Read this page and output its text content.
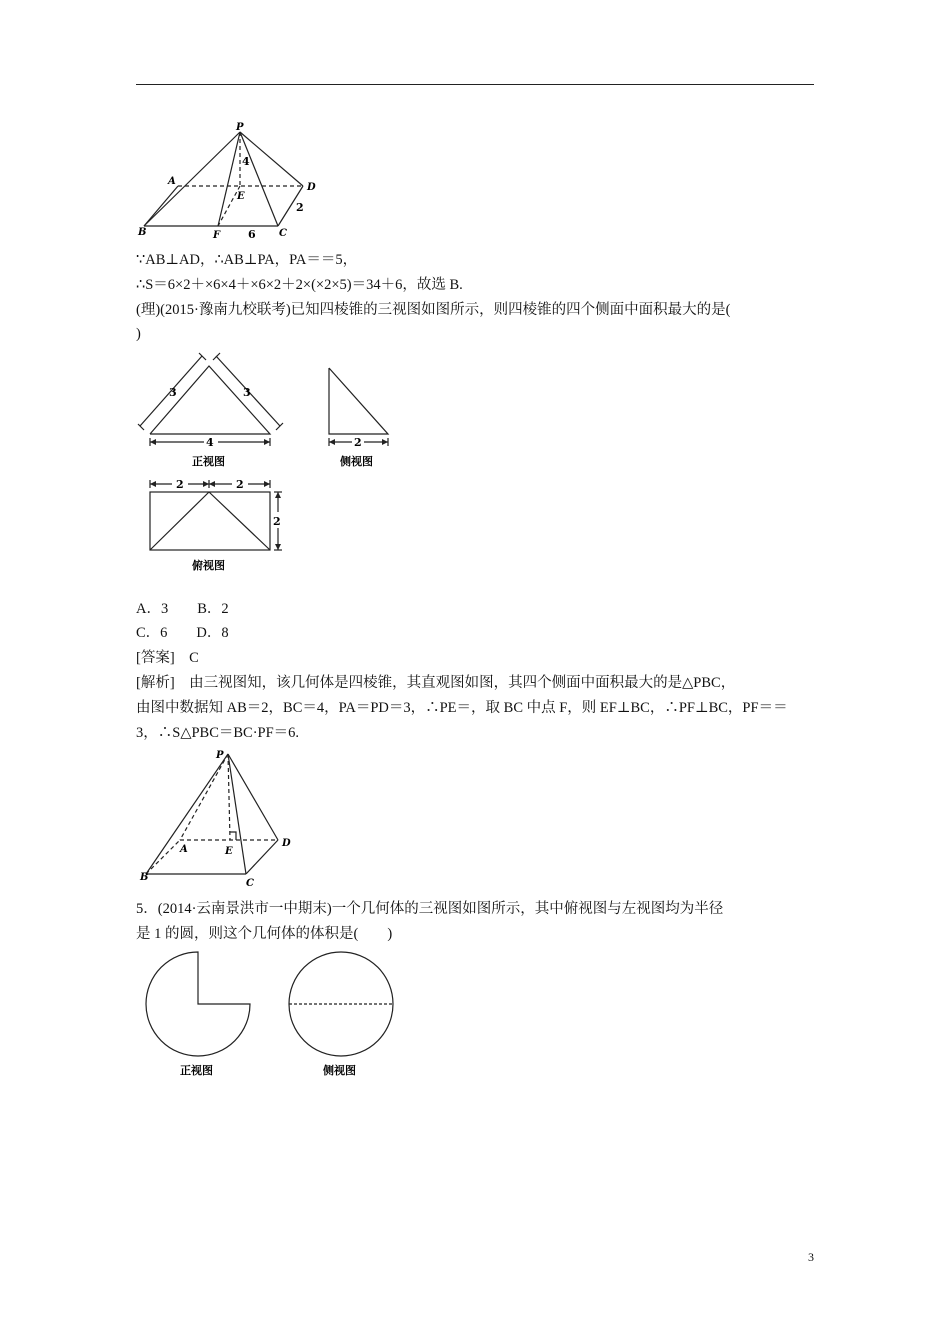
P
A
B	C
D
E
F
4
6
2
∵AB⊥AD，∴AB⊥PA，PA＝＝5，
∴S＝6×2＋×6×4＋×6×2＋2×(×2×5)＝34＋6，故选 B.
(理)(2015·豫南九校联考)已知四棱锥的三视图如图所示，则四棱锥的四个侧面中面积最大的是(
)
3	3
4	2
2	2
2
正视图	侧视图
俯视图
A．3　　B．2
C．6　　D．8
[答案]　C
[解析]　由三视图知，该几何体是四棱锥，其直观图如图，其四个侧面中面积最大的是△PBC，
由图中数据知 AB＝2，BC＝4，PA＝PD＝3，∴PE＝，取 BC 中点 F，则 EF⊥BC，∴PF⊥BC，PF＝＝
3，∴S△PBC＝BC·PF＝6.
P
A
B
C
D
E
5．(2014·云南景洪市一中期末)一个几何体的三视图如图所示，其中俯视图与左视图均为半径
是 1 的圆，则这个几何体的体积是(　　)
正视图	侧视图
3
